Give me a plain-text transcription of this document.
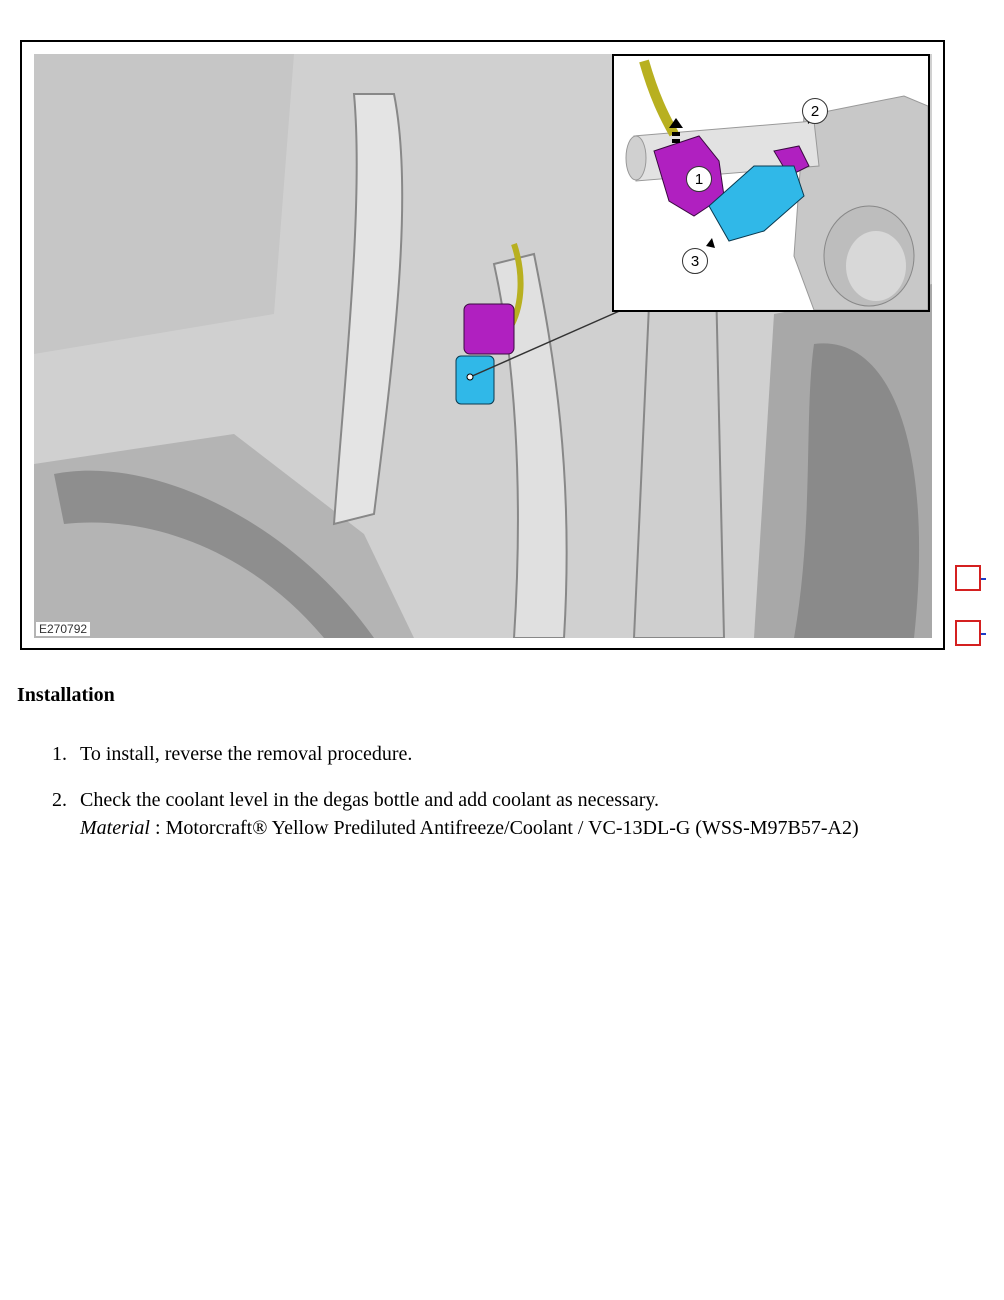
E270792
1
2
3
Installation
1. To install, reverse the removal procedure.
2. Check the coolant level in the degas bottle and add coolant as necessary.
Material : Motorcraft® Yellow Prediluted Antifreeze/Coolant / VC-13DL-G (WSS-M97B57-A2)
